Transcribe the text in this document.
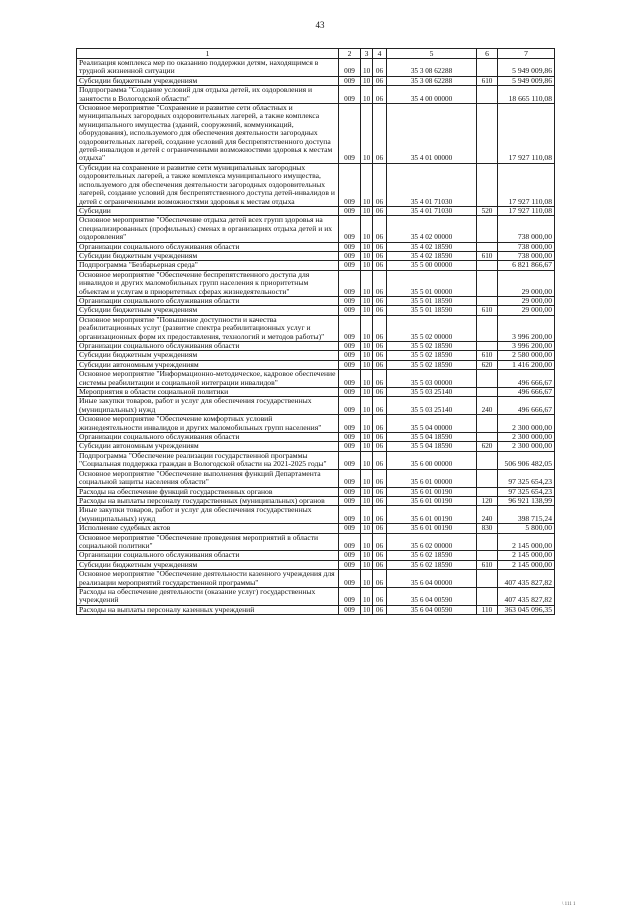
43
1	2	3	4	5	6	7
Реализация комплекса мер по оказанию поддержки детям, находящимся в трудной жизненной ситуации	009	10	06	35 3 08 62288		5 949 009,86
Субсидии бюджетным учреждениям	009	10	06	35 3 08 62288	610	5 949 009,86
Подпрограмма "Создание условий для отдыха детей, их оздоровления и занятости в Вологодской области"	009	10	06	35 4 00 00000		18 665 110,08
Основное мероприятие "Сохранение и развитие сети областных и муниципальных загородных оздоровительных лагерей, а также комплекса муниципального имущества (зданий, сооружений, коммуникаций, оборудования), используемого для обеспечения деятельности загородных оздоровительных лагерей, создание условий для беспрепятственного доступа детей-инвалидов и детей с ограниченными возможностями здоровья к местам отдыха"	009	10	06	35 4 01 00000		17 927 110,08
Субсидии на сохранение и развитие сети муниципальных загородных оздоровительных лагерей, а также комплекса муниципального имущества, используемого для обеспечения деятельности загородных оздоровительных лагерей, создание условий для беспрепятственного доступа детей-инвалидов и детей с ограниченными возможностями здоровья к местам отдыха	009	10	06	35 4 01 71030		17 927 110,08
Субсидии	009	10	06	35 4 01 71030	520	17 927 110,08
Основное мероприятие "Обеспечение отдыха детей всех групп здоровья на специализированных (профильных) сменах в организациях отдыха детей и их оздоровления"	009	10	06	35 4 02 00000		738 000,00
Организации социального обслуживания области	009	10	06	35 4 02 18590		738 000,00
Субсидии бюджетным учреждениям	009	10	06	35 4 02 18590	610	738 000,00
Подпрограмма "Безбарьерная среда"	009	10	06	35 5 00 00000		6 821 866,67
Основное мероприятие "Обеспечение беспрепятственного доступа для инвалидов и других маломобильных групп населения к приоритетным объектам и услугам в приоритетных сферах жизнедеятельности"	009	10	06	35 5 01 00000		29 000,00
Организации социального обслуживания области	009	10	06	35 5 01 18590		29 000,00
Субсидии бюджетным учреждениям	009	10	06	35 5 01 18590	610	29 000,00
Основное мероприятие "Повышение доступности и качества реабилитационных услуг (развитие спектра реабилитационных услуг и организационных форм их предоставления, технологий и методов работы)"	009	10	06	35 5 02 00000		3 996 200,00
Организации социального обслуживания области	009	10	06	35 5 02 18590		3 996 200,00
Субсидии бюджетным учреждениям	009	10	06	35 5 02 18590	610	2 580 000,00
Субсидии автономным учреждениям	009	10	06	35 5 02 18590	620	1 416 200,00
Основное мероприятие "Информационно-методическое, кадровое обеспечение системы реабилитации и социальной интеграции инвалидов"	009	10	06	35 5 03 00000		496 666,67
Мероприятия в области социальной политики	009	10	06	35 5 03 25140		496 666,67
Иные закупки товаров, работ и услуг для обеспечения государственных (муниципальных) нужд	009	10	06	35 5 03 25140	240	496 666,67
Основное мероприятие "Обеспечение комфортных условий жизнедеятельности инвалидов и других маломобильных групп населения"	009	10	06	35 5 04 00000		2 300 000,00
Организации социального обслуживания области	009	10	06	35 5 04 18590		2 300 000,00
Субсидии автономным учреждениям	009	10	06	35 5 04 18590	620	2 300 000,00
Подпрограмма "Обеспечение реализации государственной программы "Социальная поддержка граждан в Вологодской области на 2021-2025 годы"	009	10	06	35 6 00 00000		506 906 482,05
Основное мероприятие "Обеспечение выполнения функций Департамента социальной защиты населения области"	009	10	06	35 6 01 00000		97 325 654,23
Расходы на обеспечение функций государственных органов	009	10	06	35 6 01 00190		97 325 654,23
Расходы на выплаты персоналу государственных (муниципальных) органов	009	10	06	35 6 01 00190	120	96 921 138,99
Иные закупки товаров, работ и услуг для обеспечения государственных (муниципальных) нужд	009	10	06	35 6 01 00190	240	398 715,24
Исполнение судебных актов	009	10	06	35 6 01 00190	830	5 800,00
Основное мероприятие "Обеспечение проведения мероприятий в области социальной политики"	009	10	06	35 6 02 00000		2 145 000,00
Организации социального обслуживания области	009	10	06	35 6 02 18590		2 145 000,00
Субсидии бюджетным учреждениям	009	10	06	35 6 02 18590	610	2 145 000,00
Основное мероприятие "Обеспечение деятельности казенного учреждения для реализации мероприятий государственной программы"	009	10	06	35 6 04 00000		407 435 827,82
Расходы на обеспечение деятельности (оказание услуг) государственных учреждений	009	10	06	35 6 04 00590		407 435 827,82
Расходы на выплаты персоналу казенных учреждений	009	10	06	35 6 04 00590	110	363 045 096,35
\ 111 1
